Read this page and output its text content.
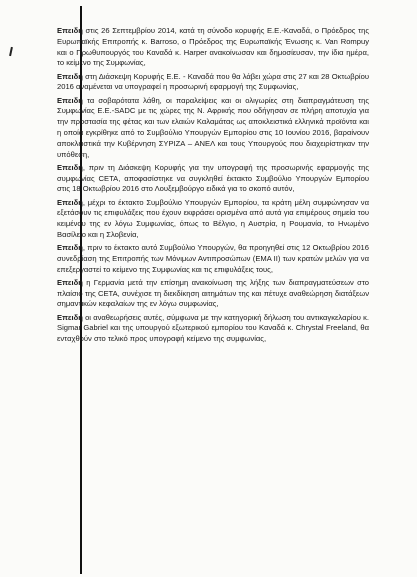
Επειδή στις 26 Σεπτεμβρίου 2014, κατά τη σύνοδο κορυφής Ε.Ε.-Καναδά, ο Πρόεδρος της Ευρωπαϊκής Επιτροπής κ. Barroso, ο Πρόεδρος της Ευρωπαϊκής Ένωσης κ. Van Rompuy και ο Πρωθυπουργός του Καναδά κ. Harper ανακοίνωσαν και δημοσίευσαν, την ίδια ημέρα, το κείμενο της Συμφωνίας,

Επειδή στη Διάσκεψη Κορυφής Ε.Ε. - Καναδά που θα λάβει χώρα στις 27 και 28 Οκτωβρίου 2016 αναμένεται να υπογραφεί η προσωρινή εφαρμογή της Συμφωνίας,

Επειδή τα σοβαρότατα λάθη, οι παραλείψεις και οι ολιγωρίες στη διαπραγμάτευση της Συμφωνίας Ε.Ε.-SADC με τις χώρες της Ν. Αφρικής που οδήγησαν σε πλήρη αποτυχία για την προστασία της φέτας και των ελαιών Καλαμάτας ως αποκλειστικά ελληνικά προϊόντα και η οποία εγκρίθηκε από το Συμβούλιο Υπουργών Εμπορίου στις 10 Ιουνίου 2016, βαραίνουν αποκλειστικά την Κυβέρνηση ΣΥΡΙΖΑ – ΑΝΕΛ και τους Υπουργούς που διαχειρίστηκαν την υπόθεση,

Επειδή, πριν τη Διάσκεψη Κορυφής για την υπογραφή της προσωρινής εφαρμογής της συμφωνίας CETA, αποφασίστηκε να συγκληθεί έκτακτο Συμβούλιο Υπουργών Εμπορίου στις 18 Οκτωβρίου 2016 στο Λουξεμβούργο ειδικά για το σκοπό αυτόν,

Επειδή, μέχρι το έκτακτο Συμβούλιο Υπουργών Εμπορίου, τα κράτη μέλη συμφώνησαν να εξετάσουν τις επιφυλάξεις που έχουν εκφράσει ορισμένα από αυτά για επιμέρους σημεία του κειμένου της εν λόγω Συμφωνίας, όπως το Βέλγιο, η Αυστρία, η Ρουμανία, το Ηνωμένο Βασίλειο και η Σλοβενία,

Επειδή, πριν το έκτακτο αυτό Συμβούλιο Υπουργών, θα προηγηθεί στις 12 Οκτωβρίου 2016 συνεδρίαση της Επιτροπής των Μόνιμων Αντιπροσώπων (ΕΜΑ ΙΙ) των κρατών μελών για να επεξεργαστεί το κείμενο της Συμφωνίας και τις επιφυλάξεις τους,

Επειδή η Γερμανία μετά την επίσημη ανακοίνωση της λήξης των διαπραγματεύσεων στο πλαίσιο της CETA, συνέχισε τη διεκδίκηση αιτημάτων της και πέτυχε αναθεώρηση διατάξεων σημαντικών κεφαλαίων της εν λόγω συμφωνίας,

Επειδή οι αναθεωρήσεις αυτές, σύμφωνα με την κατηγορική δήλωση του αντικαγκελαρίου κ. Sigmar Gabriel και της υπουργού εξωτερικού εμπορίου του Καναδά κ. Chrystal Freeland, θα ενταχθούν στο τελικό προς υπογραφή κείμενο της συμφωνίας,
